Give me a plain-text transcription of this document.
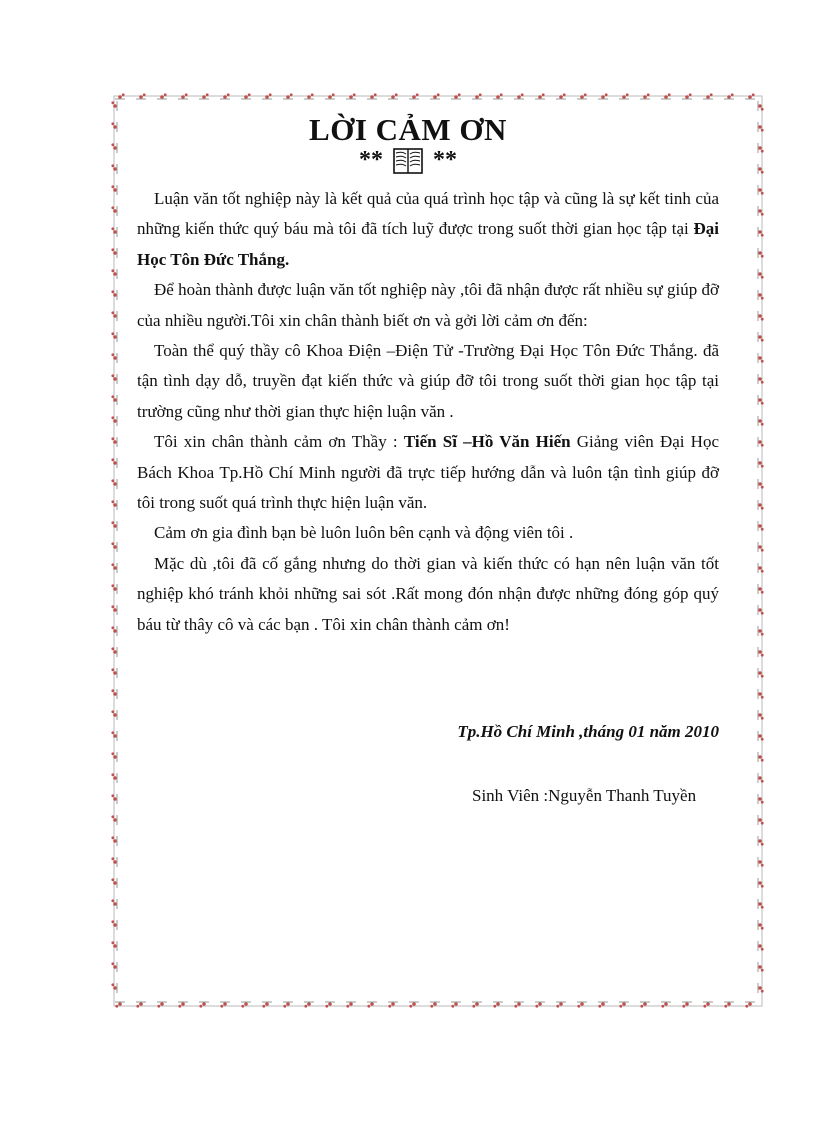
LỜI CẢM ƠN
** **

Luận văn tốt nghiệp này là kết quả của quá trình học tập và cũng là sự kết tinh của những kiến thức quý báu mà tôi đã tích luỹ được trong suốt thời gian học tập tại Đại Học Tôn Đức Thắng.

Để hoàn thành được luận văn tốt nghiệp này ,tôi đã nhận được rất nhiều sự giúp đỡ của nhiều người.Tôi xin chân thành biết ơn và gởi lời cảm ơn đến:

Toàn thể quý thầy cô Khoa Điện –Điện Tử -Trường Đại Học Tôn Đức Thắng. đã tận tình dạy dỗ, truyền đạt kiến thức và giúp đỡ tôi trong suốt thời gian học tập tại trường cũng như thời gian thực hiện luận văn .

Tôi xin chân thành cảm ơn Thầy : Tiến Sĩ –Hồ Văn Hiến Giảng viên Đại Học Bách Khoa Tp.Hồ Chí Minh người đã trực tiếp hướng dẫn và luôn tận tình giúp đỡ tôi trong suốt quá trình thực hiện luận văn.

Cảm ơn gia đình bạn bè luôn luôn bên cạnh và động viên tôi .

Mặc dù ,tôi đã cố gắng nhưng do thời gian và kiến thức có hạn nên luận văn tốt nghiệp khó tránh khỏi những sai sót .Rất mong đón nhận được những đóng góp quý báu từ thây cô và các bạn . Tôi xin chân thành cảm ơn!

Tp.Hồ Chí Minh ,tháng 01 năm 2010
Sinh Viên :Nguyễn Thanh Tuyền
